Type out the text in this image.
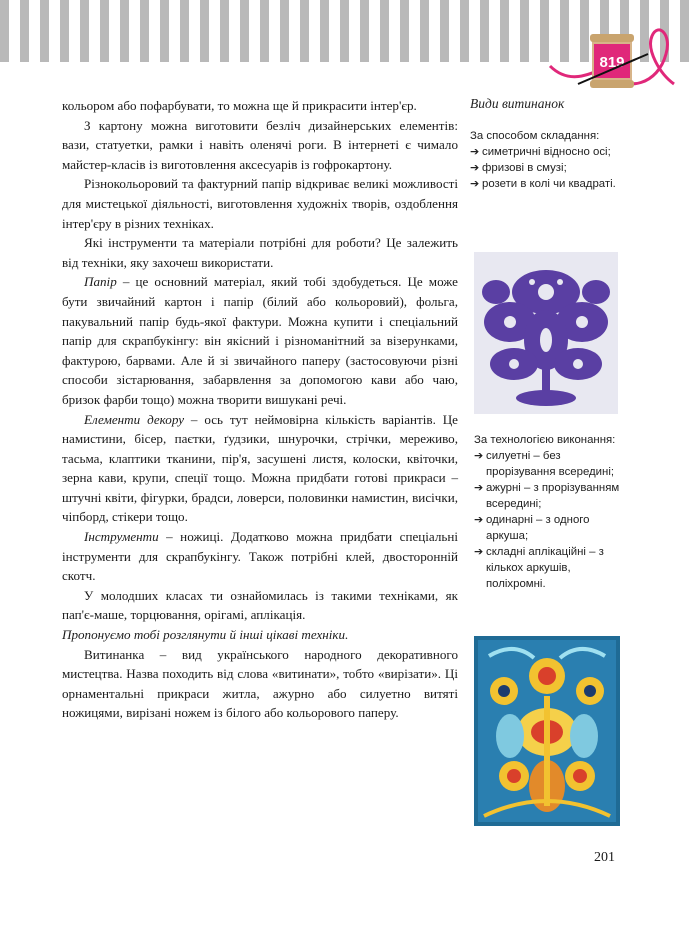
819

кольором або пофарбувати, то можна ще й прикрасити інтер'єр.

З картону можна виготовити безліч дизайнерських елементів: вази, статуетки, рамки і навіть оленячі роги. В інтернеті є чимало майстер-класів із виготовлення аксесуарів із гофрокартону.

Різнокольоровий та фактурний папір відкриває великі можливості для мистецької діяльності, виготовлення художніх творів, оздоблення інтер'єру в різних техніках.

Які інструменти та матеріали потрібні для роботи? Це залежить від техніки, яку захочеш використати.

Папір – це основний матеріал, який тобі здобудеться. Це може бути звичайний картон і папір (білий або кольоровий), фольга, пакувальний папір будь-якої фактури. Можна купити і спеціальний папір для скрапбукінгу: він якісний і різноманітний за візерунками, фактурою, барвами. Але й зі звичайного паперу (застосовуючи різні способи зістарювання, забарвлення за допомогою кави або чаю, бризок фарби тощо) можна творити вишукані речі.

Елементи декору – ось тут неймовірна кількість варіантів. Це намистини, бісер, паєтки, ґудзики, шнурочки, стрічки, мереживо, тасьма, клаптики тканини, пір'я, засушені листя, колоски, квіточки, зерна кави, крупи, спеції тощо. Можна придбати готові прикраси – штучні квіти, фігурки, брадси, ловерси, половинки намистин, висічки, чіпборд, стікери тощо.

Інструменти – ножиці. Додатково можна придбати спеціальні інструменти для скрапбукінгу. Також потрібні клей, двосторонній скотч.

У молодших класах ти ознайомилась із такими техніками, як пап'є-маше, торцювання, орігамі, аплікація.

Пропонуємо тобі розглянути й інші цікаві техніки.

Витинанка – вид українського народного декоративного мистецтва. Назва походить від слова «витинати», тобто «вирізати». Ці орнаментальні прикраси житла, ажурно або силуетно витяті ножицями, вирізані ножем із білого або кольорового паперу.

Види витинанок
За способом складання:
➔ симетричні відносно осі;
➔ фризові в смузі;
➔ розети в колі чи квадраті.
За технологією виконання:
➔ силуетні – без прорізування всередині;
➔ ажурні – з прорізуванням всередині;
➔ одинарні – з одного аркуша;
➔ складні аплікаційні – з кількох аркушів, поліхромні.
201
